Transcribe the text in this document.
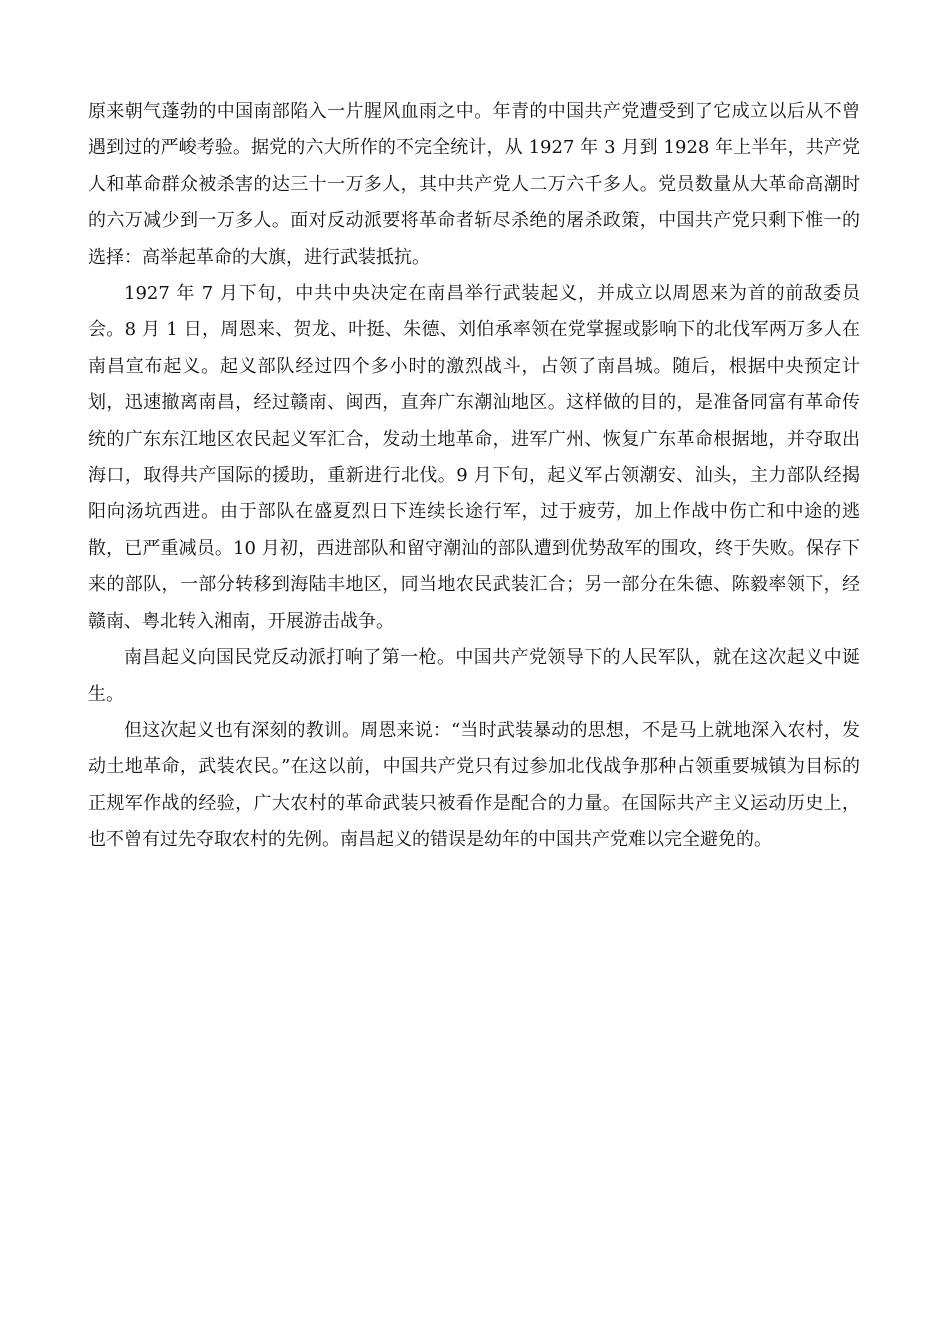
原来朝气蓬勃的中国南部陷入一片腥风血雨之中。年青的中国共产党遭受到了它成立以后从不曾遇到过的严峻考验。据党的六大所作的不完全统计，从 1927 年 3 月到 1928 年上半年，共产党人和革命群众被杀害的达三十一万多人，其中共产党人二万六千多人。党员数量从大革命高潮时的六万减少到一万多人。面对反动派要将革命者斩尽杀绝的屠杀政策，中国共产党只剩下惟一的选择：高举起革命的大旗，进行武装抵抗。

1927 年 7 月下旬，中共中央决定在南昌举行武装起义，并成立以周恩来为首的前敌委员会。8 月 1 日，周恩来、贺龙、叶挺、朱德、刘伯承率领在党掌握或影响下的北伐军两万多人在南昌宣布起义。起义部队经过四个多小时的激烈战斗，占领了南昌城。随后，根据中央预定计划，迅速撤离南昌，经过赣南、闽西，直奔广东潮汕地区。这样做的目的，是准备同富有革命传统的广东东江地区农民起义军汇合，发动土地革命，进军广州、恢复广东革命根据地，并夺取出海口，取得共产国际的援助，重新进行北伐。9 月下旬，起义军占领潮安、汕头，主力部队经揭阳向汤坑西进。由于部队在盛夏烈日下连续长途行军，过于疲劳，加上作战中伤亡和中途的逃散，已严重减员。10 月初，西进部队和留守潮汕的部队遭到优势敌军的围攻，终于失败。保存下来的部队，一部分转移到海陆丰地区，同当地农民武装汇合；另一部分在朱德、陈毅率领下，经赣南、粤北转入湘南，开展游击战争。

南昌起义向国民党反动派打响了第一枪。中国共产党领导下的人民军队，就在这次起义中诞生。

但这次起义也有深刻的教训。周恩来说：“当时武装暴动的思想，不是马上就地深入农村，发动土地革命，武装农民。”在这以前，中国共产党只有过参加北伐战争那种占领重要城镇为目标的正规军作战的经验，广大农村的革命武装只被看作是配合的力量。在国际共产主义运动历史上，也不曾有过先夺取农村的先例。南昌起义的错误是幼年的中国共产党难以完全避免的。
